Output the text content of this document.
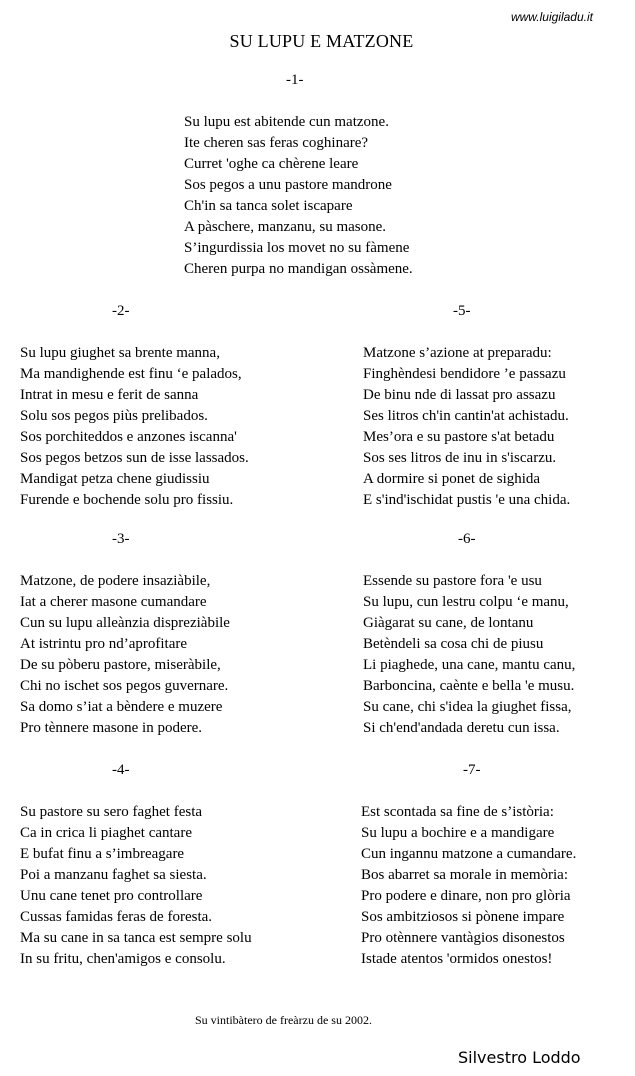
www.luigiladu.it
SU LUPU E MATZONE
-1-
Su lupu est abitende cun matzone.
Ite cheren sas feras coghinare?
Curret 'oghe ca chèrene leare
Sos pegos a unu pastore mandrone
Ch'in sa tanca solet iscapare
A pàschere, manzanu, su masone.
S’ingurdissia los movet no su fàmene
Cheren purpa no mandigan ossàmene.
-2-
Su lupu giughet sa brente manna,
Ma mandighende est finu ‘e palados,
Intrat in mesu e ferit de sanna
Solu sos pegos piùs prelibados.
Sos porchiteddos e anzones iscanna'
Sos pegos betzos sun de isse lassados.
Mandigat petza chene giudissiu
Furende e bochende solu pro fissiu.
-3-
Matzone, de podere insaziàbile,
Iat a cherer masone cumandare
Cun su lupu alleànzia dispreziàbile
At istrintu pro nd’aprofitare
De su pòberu pastore, miseràbile,
Chi no ischet sos pegos guvernare.
Sa domo s’iat a bèndere e muzere
Pro tènnere masone in podere.
-4-
Su pastore su sero faghet festa
Ca in crica li piaghet cantare
E bufat finu a s’imbreagare
Poi a manzanu faghet sa siesta.
Unu cane tenet pro controllare
Cussas famidas feras de foresta.
Ma su cane in sa tanca est sempre solu
In su fritu, chen'amigos e consolu.
-5-
Matzone s’azione at preparadu:
Finghèndesi bendidore ’e passazu
De binu nde di lassat pro assazu
Ses litros ch'in cantin'at achistadu.
Mes’ora e su pastore s'at betadu
Sos ses litros de inu in s'iscarzu.
A dormire si ponet de sighida
E s'ind'ischidat pustis 'e una chida.
-6-
Essende su pastore fora 'e usu
Su lupu, cun lestru colpu ‘e manu,
Giàgarat su cane, de lontanu
Betèndeli sa cosa chi de piusu
Li piaghede, una cane, mantu canu,
Barboncina, caènte e bella 'e musu.
Su cane, chi s'idea la giughet fissa,
Si ch'end'andada deretu cun issa.
-7-
Est scontada sa fine de s’istòria:
Su lupu a bochire e a mandigare
Cun ingannu matzone a cumandare.
Bos abarret sa morale in memòria:
Pro podere e dinare, non pro glòria
Sos ambitziosos si pònene impare
Pro otènnere vantàgios disonestos
Istade atentos 'ormidos onestos!
Su vintibàtero de freàrzu de su 2002.
Silvestro Loddo
